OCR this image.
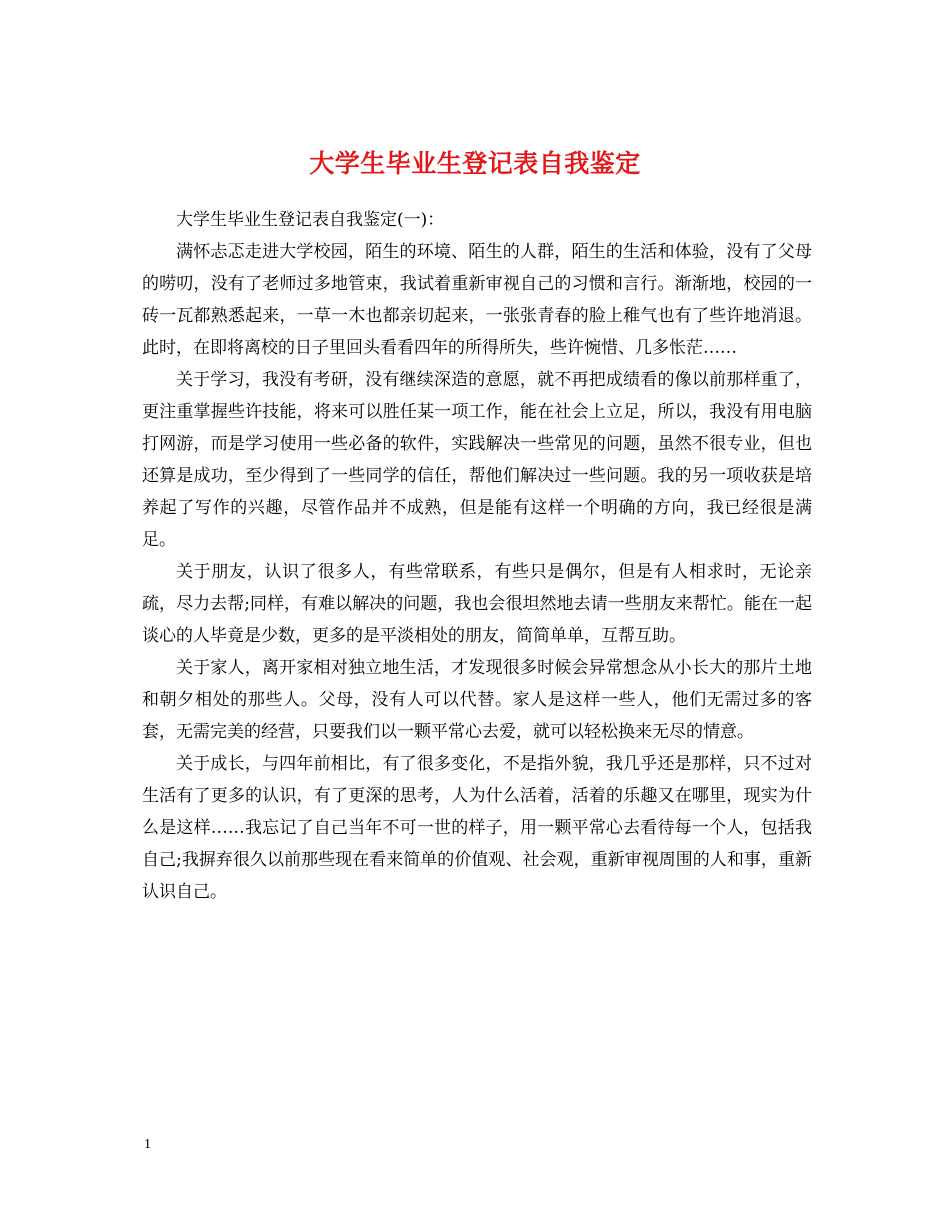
大学生毕业生登记表自我鉴定

大学生毕业生登记表自我鉴定(一)：

满怀忐忑走进大学校园，陌生的环境、陌生的人群，陌生的生活和体验，没有了父母的唠叨，没有了老师过多地管束，我试着重新审视自己的习惯和言行。渐渐地，校园的一砖一瓦都熟悉起来，一草一木也都亲切起来，一张张青春的脸上稚气也有了些许地消退。此时，在即将离校的日子里回头看看四年的所得所失，些许惋惜、几多怅茫……

关于学习，我没有考研，没有继续深造的意愿，就不再把成绩看的像以前那样重了，更注重掌握些许技能，将来可以胜任某一项工作，能在社会上立足，所以，我没有用电脑打网游，而是学习使用一些必备的软件，实践解决一些常见的问题，虽然不很专业，但也还算是成功，至少得到了一些同学的信任，帮他们解决过一些问题。我的另一项收获是培养起了写作的兴趣，尽管作品并不成熟，但是能有这样一个明确的方向，我已经很是满足。

关于朋友，认识了很多人，有些常联系，有些只是偶尔，但是有人相求时，无论亲疏，尽力去帮;同样，有难以解决的问题，我也会很坦然地去请一些朋友来帮忙。能在一起谈心的人毕竟是少数，更多的是平淡相处的朋友，简简单单，互帮互助。

关于家人，离开家相对独立地生活，才发现很多时候会异常想念从小长大的那片土地和朝夕相处的那些人。父母，没有人可以代替。家人是这样一些人，他们无需过多的客套，无需完美的经营，只要我们以一颗平常心去爱，就可以轻松换来无尽的情意。

关于成长，与四年前相比，有了很多变化，不是指外貌，我几乎还是那样，只不过对生活有了更多的认识，有了更深的思考，人为什么活着，活着的乐趣又在哪里，现实为什么是这样……我忘记了自己当年不可一世的样子，用一颗平常心去看待每一个人，包括我自己;我摒弃很久以前那些现在看来简单的价值观、社会观，重新审视周围的人和事，重新认识自己。

1
